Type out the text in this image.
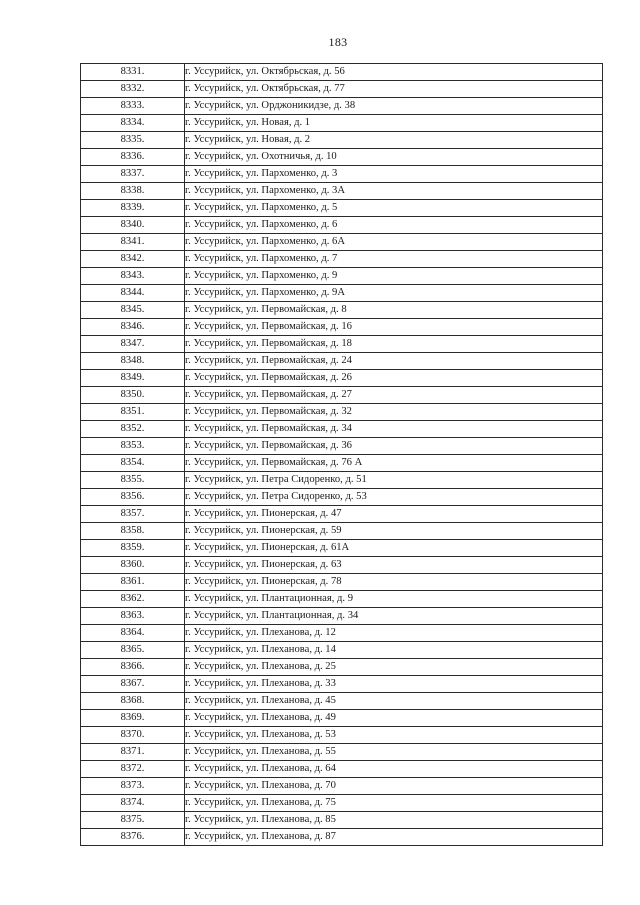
183
8331.	г. Уссурийск, ул. Октябрьская, д. 56
8332.	г. Уссурийск, ул. Октябрьская, д. 77
8333.	г. Уссурийск, ул. Орджоникидзе, д. 38
8334.	г. Уссурийск, ул. Новая, д. 1
8335.	г. Уссурийск, ул. Новая, д. 2
8336.	г. Уссурийск, ул. Охотничья, д. 10
8337.	г. Уссурийск, ул. Пархоменко, д. 3
8338.	г. Уссурийск, ул. Пархоменко, д. 3А
8339.	г. Уссурийск, ул. Пархоменко, д. 5
8340.	г. Уссурийск, ул. Пархоменко, д. 6
8341.	г. Уссурийск, ул. Пархоменко, д. 6А
8342.	г. Уссурийск, ул. Пархоменко, д. 7
8343.	г. Уссурийск, ул. Пархоменко, д. 9
8344.	г. Уссурийск, ул. Пархоменко, д. 9А
8345.	г. Уссурийск, ул. Первомайская, д. 8
8346.	г. Уссурийск, ул. Первомайская, д. 16
8347.	г. Уссурийск, ул. Первомайская, д. 18
8348.	г. Уссурийск, ул. Первомайская, д. 24
8349.	г. Уссурийск, ул. Первомайская, д. 26
8350.	г. Уссурийск, ул. Первомайская, д. 27
8351.	г. Уссурийск, ул. Первомайская, д. 32
8352.	г. Уссурийск, ул. Первомайская, д. 34
8353.	г. Уссурийск, ул. Первомайская, д. 36
8354.	г. Уссурийск, ул. Первомайская, д. 76 А
8355.	г. Уссурийск, ул. Петра Сидоренко, д. 51
8356.	г. Уссурийск, ул. Петра Сидоренко, д. 53
8357.	г. Уссурийск, ул. Пионерская, д. 47
8358.	г. Уссурийск, ул. Пионерская, д. 59
8359.	г. Уссурийск, ул. Пионерская, д. 61А
8360.	г. Уссурийск, ул. Пионерская, д. 63
8361.	г. Уссурийск, ул. Пионерская, д. 78
8362.	г. Уссурийск, ул. Плантационная, д. 9
8363.	г. Уссурийск, ул. Плантационная, д. 34
8364.	г. Уссурийск, ул. Плеханова, д. 12
8365.	г. Уссурийск, ул. Плеханова, д. 14
8366.	г. Уссурийск, ул. Плеханова, д. 25
8367.	г. Уссурийск, ул. Плеханова, д. 33
8368.	г. Уссурийск, ул. Плеханова, д. 45
8369.	г. Уссурийск, ул. Плеханова, д. 49
8370.	г. Уссурийск, ул. Плеханова, д. 53
8371.	г. Уссурийск, ул. Плеханова, д. 55
8372.	г. Уссурийск, ул. Плеханова, д. 64
8373.	г. Уссурийск, ул. Плеханова, д. 70
8374.	г. Уссурийск, ул. Плеханова, д. 75
8375.	г. Уссурийск, ул. Плеханова, д. 85
8376.	г. Уссурийск, ул. Плеханова, д. 87
